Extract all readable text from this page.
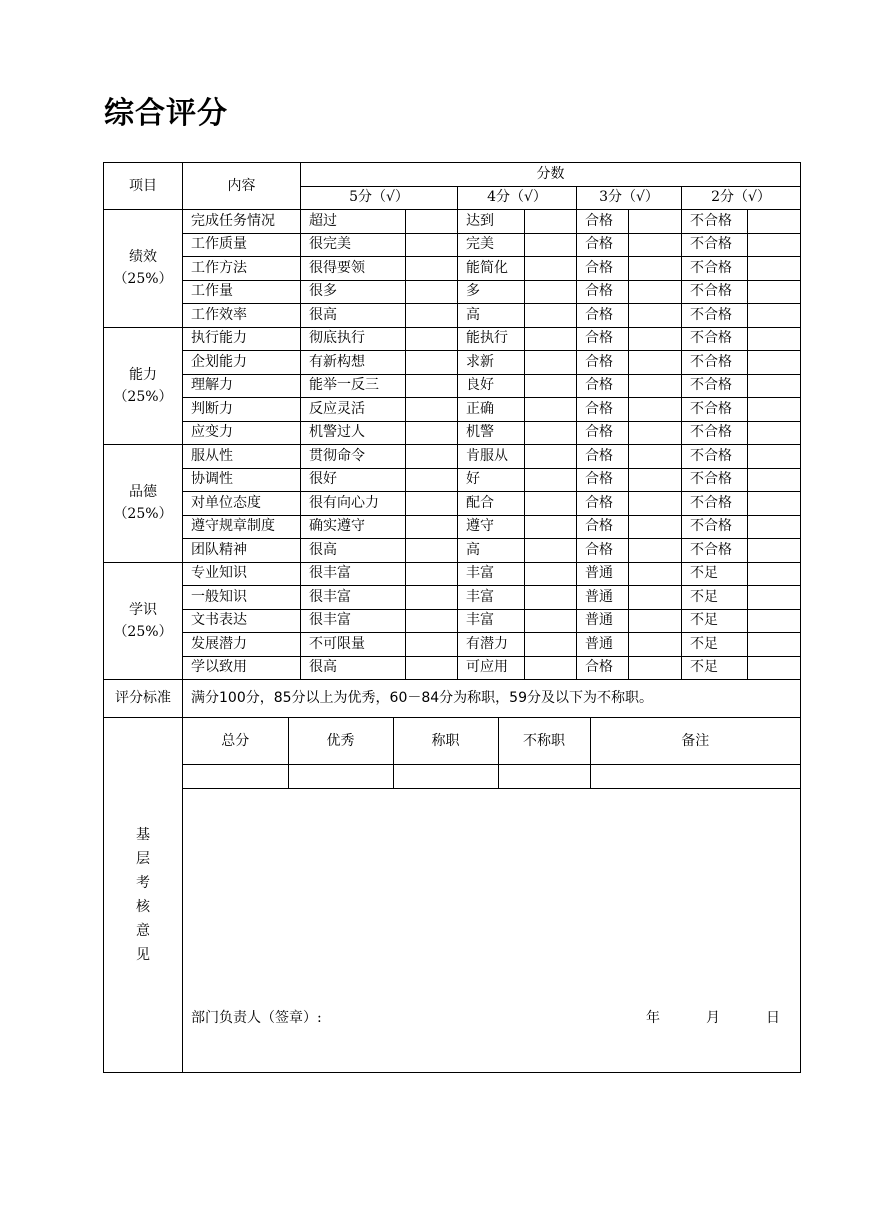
综合评分
项目	内容	分数
5分（√）	4分（√）	3分（√）	2分（√）

绩效
（25%）
	完成任务情况	超过		达到		合格		不合格	
工作质量	很完美		完美		合格		不合格	
工作方法	很得要领		能简化		合格		不合格	
工作量	很多		多		合格		不合格	
工作效率	很高		高		合格		不合格	

能力
（25%）
	执行能力	彻底执行		能执行		合格		不合格	
企划能力	有新构想		求新		合格		不合格	
理解力	能举一反三		良好		合格		不合格	
判断力	反应灵活		正确		合格		不合格	
应变力	机警过人		机警		合格		不合格	

品德
（25%）
	服从性	贯彻命令		肯服从		合格		不合格	
协调性	很好		好		合格		不合格	
对单位态度	很有向心力		配合		合格		不合格	
遵守规章制度	确实遵守		遵守		合格		不合格	
团队精神	很高		高		合格		不合格	

学识
（25%）
	专业知识	很丰富		丰富		普通		不足	
一般知识	很丰富		丰富		普通		不足	
文书表达	很丰富		丰富		普通		不足	
发展潜力	不可限量		有潜力		普通		不足	
学以致用	很高		可应用		合格		不足	
评分标准	满分100分，85分以上为优秀，60－84分为称职，59分及以下为不称职。

基
层
考
核
意
见

总分	优秀	称职	不称职	备注

部门负责人（签章）:	年	月	日
